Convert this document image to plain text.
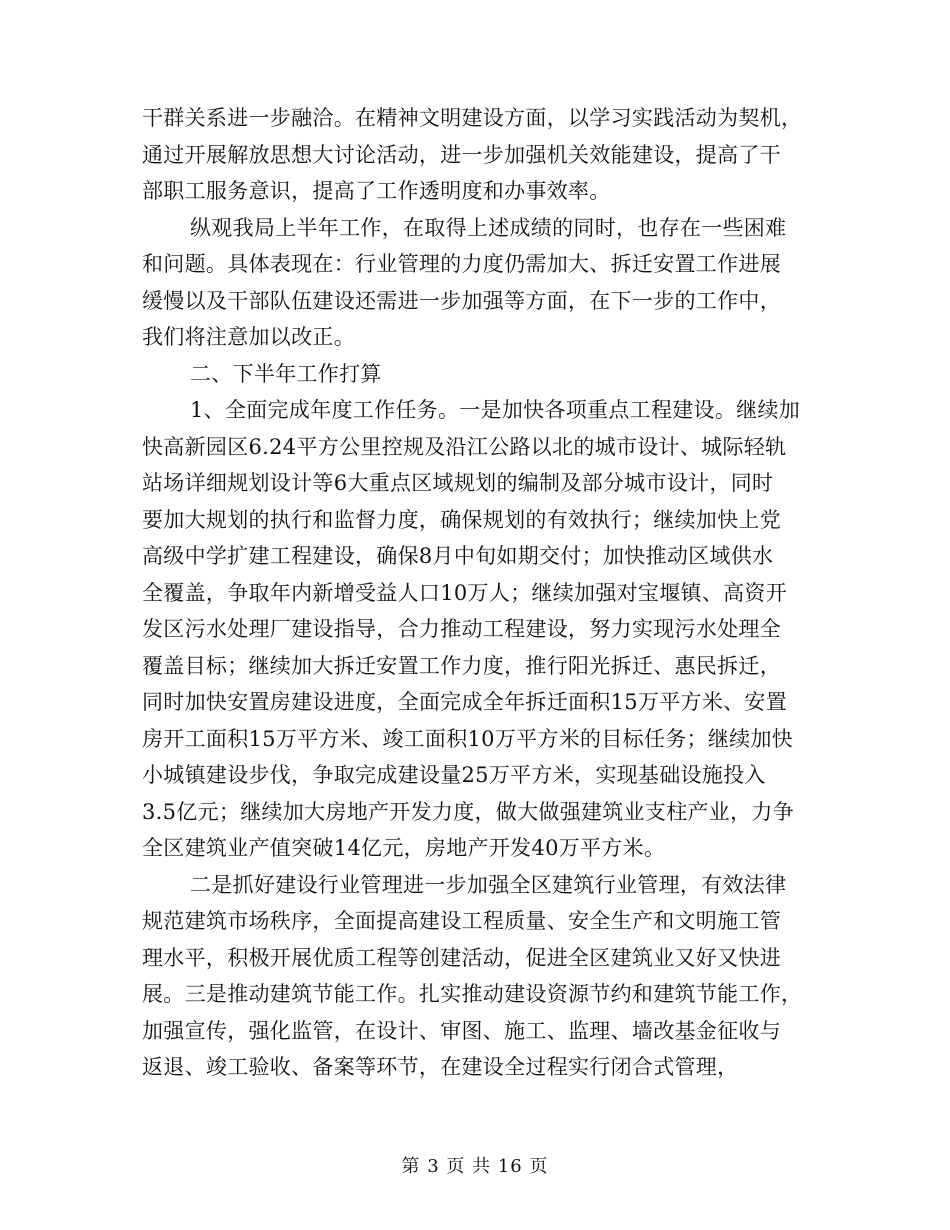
干群关系进一步融洽。在精神文明建设方面，以学习实践活动为契机，
通过开展解放思想大讨论活动，进一步加强机关效能建设，提高了干
部职工服务意识，提高了工作透明度和办事效率。
纵观我局上半年工作，在取得上述成绩的同时，也存在一些困难
和问题。具体表现在：行业管理的力度仍需加大、拆迁安置工作进展
缓慢以及干部队伍建设还需进一步加强等方面，在下一步的工作中，
我们将注意加以改正。
二、下半年工作打算
1、全面完成年度工作任务。一是加快各项重点工程建设。继续加
快高新园区6.24平方公里控规及沿江公路以北的城市设计、城际轻轨
站场详细规划设计等6大重点区域规划的编制及部分城市设计，同时
要加大规划的执行和监督力度，确保规划的有效执行；继续加快上党
高级中学扩建工程建设，确保8月中旬如期交付；加快推动区域供水
全覆盖，争取年内新增受益人口10万人；继续加强对宝堰镇、高资开
发区污水处理厂建设指导，合力推动工程建设，努力实现污水处理全
覆盖目标；继续加大拆迁安置工作力度，推行阳光拆迁、惠民拆迁，
同时加快安置房建设进度，全面完成全年拆迁面积15万平方米、安置
房开工面积15万平方米、竣工面积10万平方米的目标任务；继续加快
小城镇建设步伐，争取完成建设量25万平方米，实现基础设施投入
3.5亿元；继续加大房地产开发力度，做大做强建筑业支柱产业，力争
全区建筑业产值突破14亿元，房地产开发40万平方米。
二是抓好建设行业管理进一步加强全区建筑行业管理，有效法律
规范建筑市场秩序，全面提高建设工程质量、安全生产和文明施工管
理水平，积极开展优质工程等创建活动，促进全区建筑业又好又快进
展。三是推动建筑节能工作。扎实推动建设资源节约和建筑节能工作，
加强宣传，强化监管，在设计、审图、施工、监理、墙改基金征收与
返退、竣工验收、备案等环节，在建设全过程实行闭合式管理，
第 3 页 共 16 页
